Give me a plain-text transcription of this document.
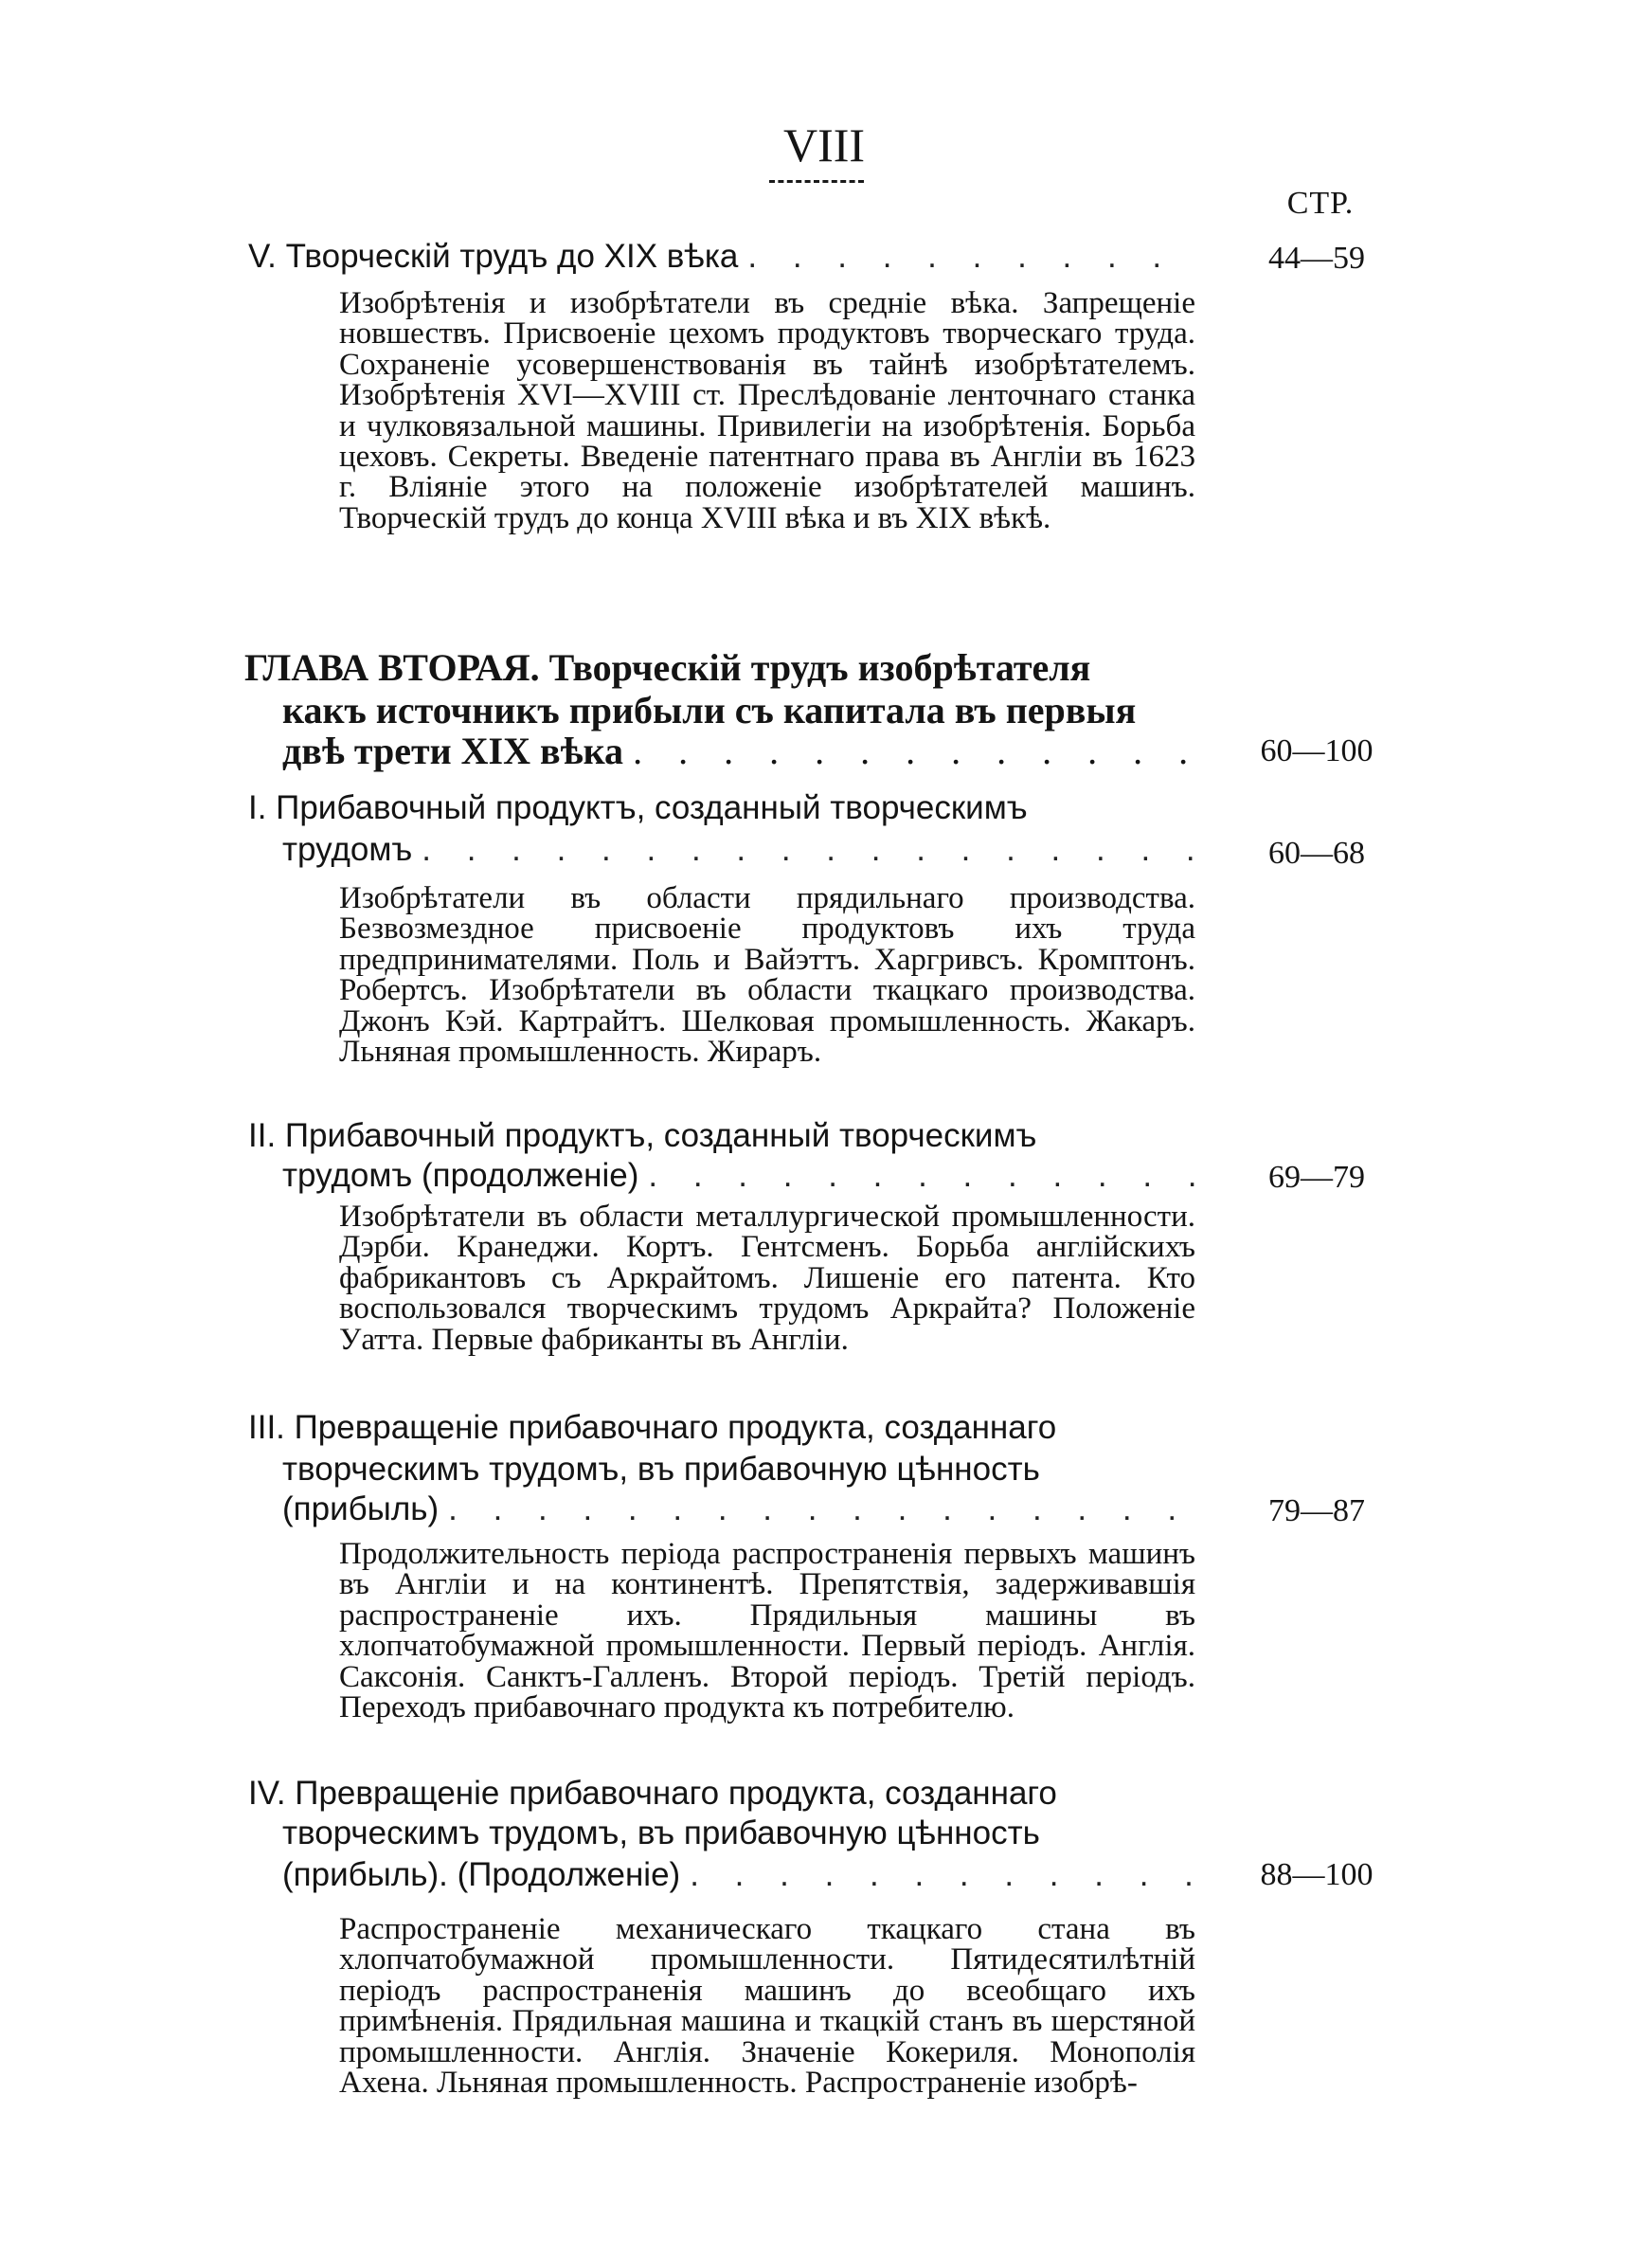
VIII
СТР.
V. Творческій трудъ до XIX вѣка . . .	44—59
Изобрѣтенія и изобрѣтатели въ средніе вѣка. Запрещеніе новшествъ. Присвоеніе цехомъ продуктовъ творческаго труда. Сохраненіе усовершенствованія въ тайнѣ изобрѣтателемъ. Изобрѣтенія XVI—XVIII ст. Преслѣдованіе ленточнаго станка и чулковязальной машины. Привилегіи на изобрѣтенія. Борьба цеховъ. Секреты. Введеніе патентнаго права въ Англіи въ 1623 г. Вліяніе этого на положеніе изобрѣтателей машинъ. Творческій трудъ до конца XVIII вѣка и въ XIX вѣкѣ.
ГЛАВА ВТОРАЯ. Творческій трудъ изобрѣтателя
какъ источникъ прибыли съ капитала въ первыя
двѣ трети XIX вѣка . . .	60—100
I. Прибавочный продуктъ, созданный творческимъ
трудомъ . . .	60—68
Изобрѣтатели въ области прядильнаго производства. Безвозмездное присвоеніе продуктовъ ихъ труда предпринимателями. Поль и Вайэттъ. Харгривсъ. Кромптонъ. Робертсъ. Изобрѣтатели въ области ткацкаго производства. Джонъ Кэй. Картрайтъ. Шелковая промышленность. Жакаръ. Льняная промышленность. Жираръ.
II. Прибавочный продуктъ, созданный творческимъ
трудомъ (продолженіе) . . .	69—79
Изобрѣтатели въ области металлургической промышленности. Дэрби. Кранеджи. Кортъ. Гентсменъ. Борьба англійскихъ фабрикантовъ съ Аркрайтомъ. Лишеніе его патента. Кто воспользовался творческимъ трудомъ Аркрайта? Положеніе Уатта. Первые фабриканты въ Англіи.
III. Превращеніе прибавочнаго продукта, созданнаго
творческимъ трудомъ, въ прибавочную цѣнность
(прибыль) . . .	79—87
Продолжительность періода распространенія первыхъ машинъ въ Англіи и на континентѣ. Препятствія, задерживавшія распространеніе ихъ. Прядильныя машины въ хлопчатобумажной промышленности. Первый періодъ. Англія. Саксонія. Санктъ-Галленъ. Второй періодъ. Третій періодъ. Переходъ прибавочнаго продукта къ потребителю.
IV. Превращеніе прибавочнаго продукта, созданнаго
творческимъ трудомъ, въ прибавочную цѣнность
(прибыль). (Продолженіе) . . .	88—100
Распространеніе механическаго ткацкаго стана въ хлопчатобумажной промышленности. Пятидесятилѣтній періодъ распространенія машинъ до всеобщаго ихъ примѣненія. Прядильная машина и ткацкій станъ въ шерстяной промышленности. Англія. Значеніе Кокериля. Монополія Ахена. Льняная промышленность. Распространеніе изобрѣ-
